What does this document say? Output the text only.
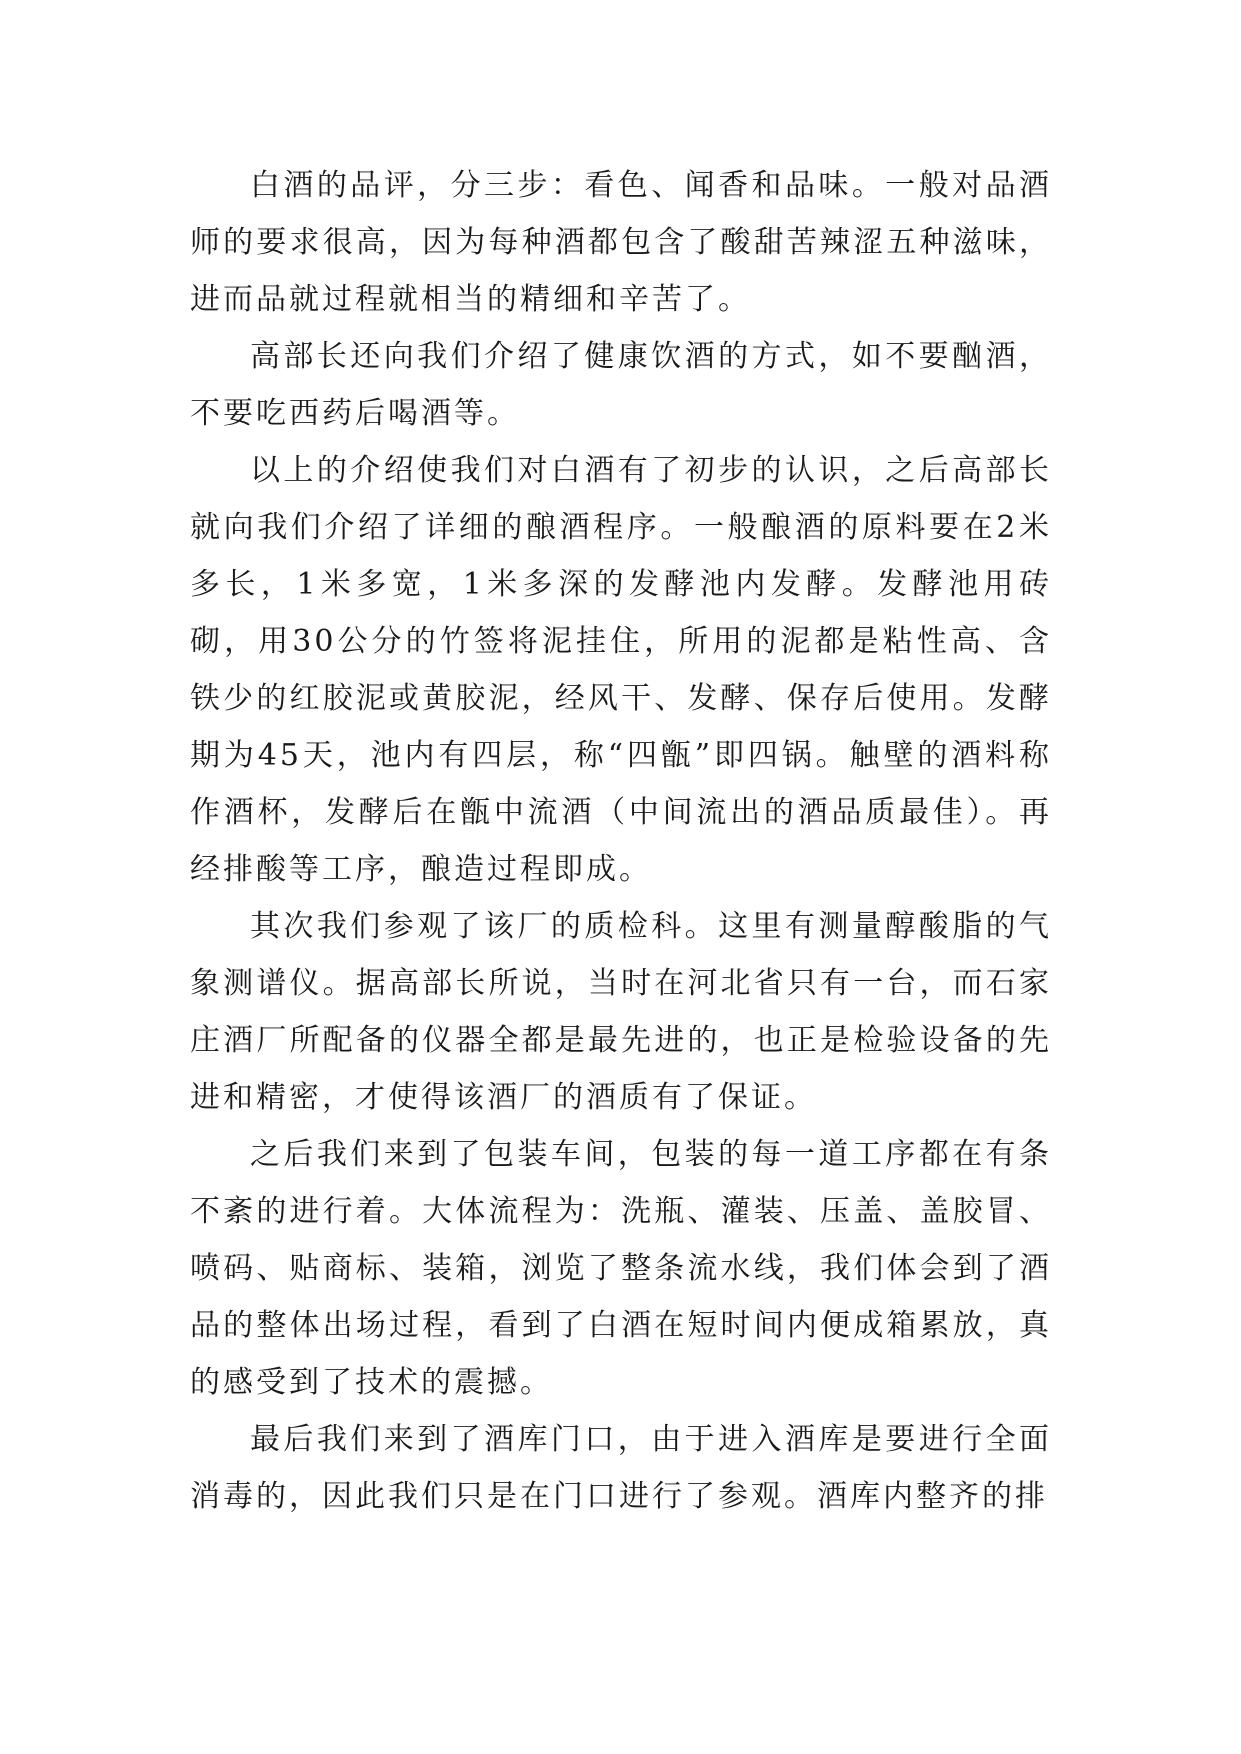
白酒的品评，分三步：看色、闻香和品味。一般对品酒师的要求很高，因为每种酒都包含了酸甜苦辣涩五种滋味，进而品就过程就相当的精细和辛苦了。

高部长还向我们介绍了健康饮酒的方式，如不要酗酒，不要吃西药后喝酒等。

以上的介绍使我们对白酒有了初步的认识，之后高部长就向我们介绍了详细的酿酒程序。一般酿酒的原料要在2米多长，1米多宽，1米多深的发酵池内发酵。发酵池用砖砌，用30公分的竹签将泥挂住，所用的泥都是粘性高、含铁少的红胶泥或黄胶泥，经风干、发酵、保存后使用。发酵期为45天，池内有四层，称“四甑”即四锅。触壁的酒料称作酒杯，发酵后在甑中流酒（中间流出的酒品质最佳）。再经排酸等工序，酿造过程即成。

其次我们参观了该厂的质检科。这里有测量醇酸脂的气象测谱仪。据高部长所说，当时在河北省只有一台，而石家庄酒厂所配备的仪器全都是最先进的，也正是检验设备的先进和精密，才使得该酒厂的酒质有了保证。

之后我们来到了包装车间，包装的每一道工序都在有条不紊的进行着。大体流程为：洗瓶、灌装、压盖、盖胶冒、喷码、贴商标、装箱，浏览了整条流水线，我们体会到了酒品的整体出场过程，看到了白酒在短时间内便成箱累放，真的感受到了技术的震撼。

最后我们来到了酒库门口，由于进入酒库是要进行全面消毒的，因此我们只是在门口进行了参观。酒库内整齐的排
